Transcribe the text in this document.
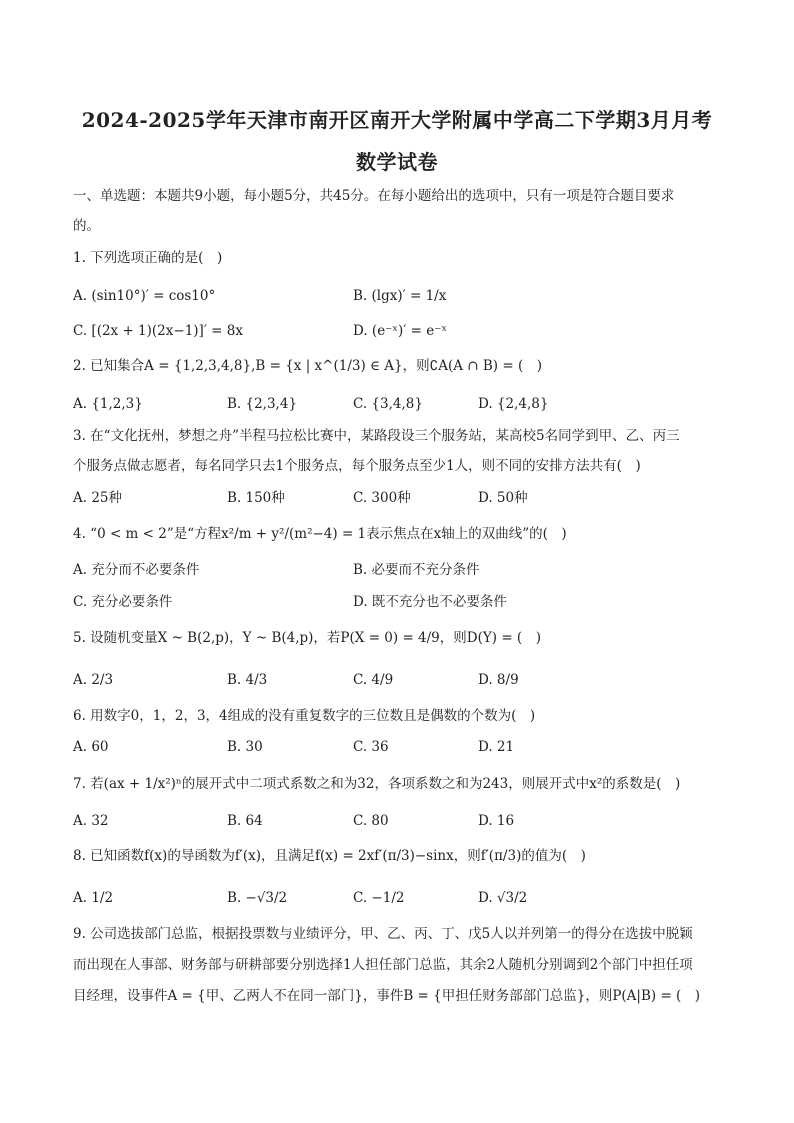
2024-2025学年天津市南开区南开大学附属中学高二下学期3月月考
数学试卷
一、单选题：本题共9小题，每小题5分，共45分。在每小题给出的选项中，只有一项是符合题目要求
的。
1. 下列选项正确的是(　)
A. (sin10°)′ = cos10°	B. (lgx)′ = 1/x
C. [(2x + 1)(2x−1)]′ = 8x	D. (e⁻ˣ)′ = e⁻ˣ
2. 已知集合A = {1,2,3,4,8},B = {x | x^(1/3) ∈ A}，则∁A(A ∩ B) = (　)
A. {1,2,3}	B. {2,3,4}	C. {3,4,8}	D. {2,4,8}
3. 在“文化抚州，梦想之舟”半程马拉松比赛中，某路段设三个服务站，某高校5名同学到甲、乙、丙三
个服务点做志愿者，每名同学只去1个服务点，每个服务点至少1人，则不同的安排方法共有(　)
A. 25种	B. 150种	C. 300种	D. 50种
4. “0 < m < 2”是“方程x²/m + y²/(m²−4) = 1表示焦点在x轴上的双曲线”的(　)
A. 充分而不必要条件	B. 必要而不充分条件
C. 充分必要条件	D. 既不充分也不必要条件
5. 设随机变量X ~ B(2,p)，Y ~ B(4,p)，若P(X = 0) = 4/9，则D(Y) = (　)
A. 2/3	B. 4/3	C. 4/9	D. 8/9
6. 用数字0，1，2，3，4组成的没有重复数字的三位数且是偶数的个数为(　)
A. 60	B. 30	C. 36	D. 21
7. 若(ax + 1/x²)ⁿ的展开式中二项式系数之和为32，各项系数之和为243，则展开式中x²的系数是(　)
A. 32	B. 64	C. 80	D. 16
8. 已知函数f(x)的导函数为f′(x)，且满足f(x) = 2xf′(π/3)−sinx，则f′(π/3)的值为(　)
A. 1/2	B. −√3/2	C. −1/2	D. √3/2
9. 公司选拔部门总监，根据投票数与业绩评分，甲、乙、丙、丁、戊5人以并列第一的得分在选拔中脱颖
而出现在人事部、财务部与研耕部要分别选择1人担任部门总监，其余2人随机分别调到2个部门中担任项
目经理，设事件A = {甲、乙两人不在同一部门}，事件B = {甲担任财务部部门总监}，则P(A|B) = (　)
